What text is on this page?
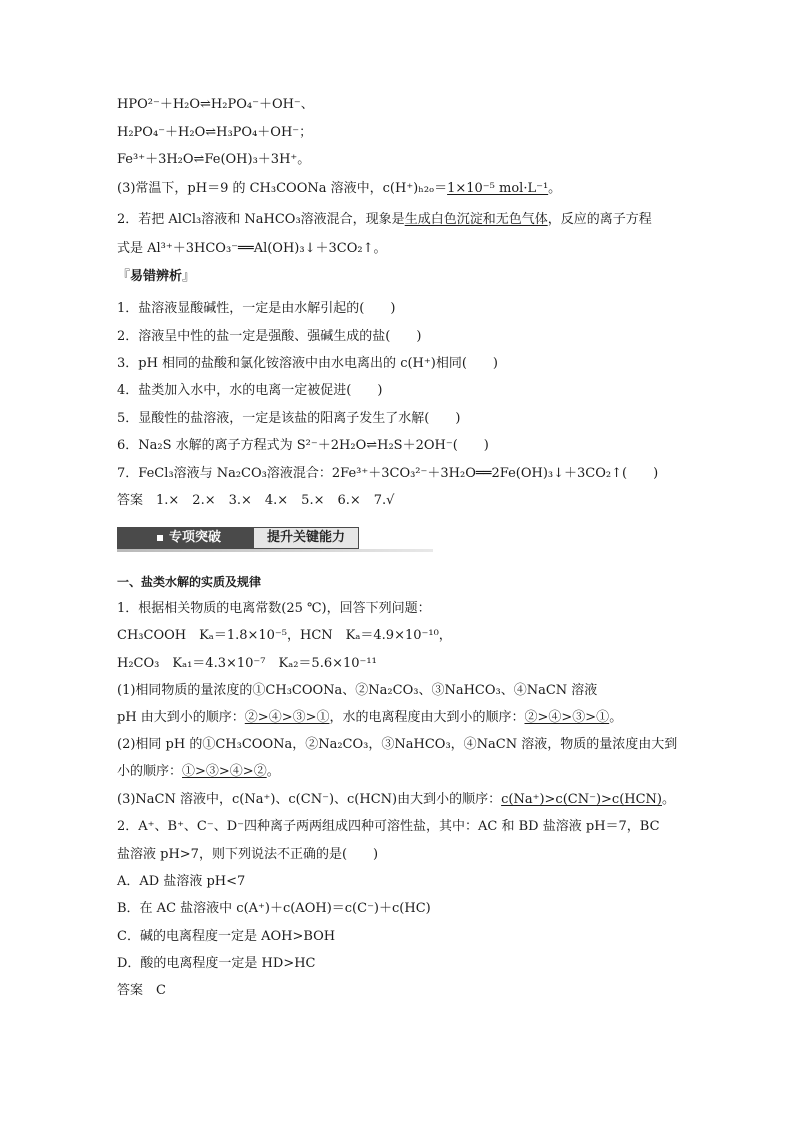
HPO²⁻＋H₂O⇌H₂PO₄⁻＋OH⁻、
H₂PO₄⁻＋H₂O⇌H₃PO₄＋OH⁻；
Fe³⁺＋3H₂O⇌Fe(OH)₃＋3H⁺。
(3)常温下，pH＝9 的 CH₃COONa 溶液中，c(H⁺)ₕ₂ₒ＝1×10⁻⁵ mol·L⁻¹。
2．若把 AlCl₃溶液和 NaHCO₃溶液混合，现象是生成白色沉淀和无色气体，反应的离子方程
式是 Al³⁺＋3HCO₃⁻══Al(OH)₃↓＋3CO₂↑。
『易错辨析』
1．盐溶液显酸碱性，一定是由水解引起的(　　)
2．溶液呈中性的盐一定是强酸、强碱生成的盐(　　)
3．pH 相同的盐酸和氯化铵溶液中由水电离出的 c(H⁺)相同(　　)
4．盐类加入水中，水的电离一定被促进(　　)
5．显酸性的盐溶液，一定是该盐的阳离子发生了水解(　　)
6．Na₂S 水解的离子方程式为 S²⁻＋2H₂O⇌H₂S＋2OH⁻(　　)
7．FeCl₃溶液与 Na₂CO₃溶液混合：2Fe³⁺＋3CO₃²⁻＋3H₂O══2Fe(OH)₃↓＋3CO₂↑(　　)
答案　1.×　2.×　3.×　4.×　5.×　6.×　7.√
专项突破	提升关键能力
一、盐类水解的实质及规律
1．根据相关物质的电离常数(25 ℃)，回答下列问题：
CH₃COOH　Kₐ＝1.8×10⁻⁵，HCN　Kₐ＝4.9×10⁻¹⁰，
H₂CO₃　Kₐ₁＝4.3×10⁻⁷　Kₐ₂＝5.6×10⁻¹¹
(1)相同物质的量浓度的①CH₃COONa、②Na₂CO₃、③NaHCO₃、④NaCN 溶液
pH 由大到小的顺序：②>④>③>①，水的电离程度由大到小的顺序：②>④>③>①。
(2)相同 pH 的①CH₃COONa，②Na₂CO₃，③NaHCO₃，④NaCN 溶液，物质的量浓度由大到
小的顺序：①>③>④>②。
(3)NaCN 溶液中，c(Na⁺)、c(CN⁻)、c(HCN)由大到小的顺序：c(Na⁺)>c(CN⁻)>c(HCN)。
2．A⁺、B⁺、C⁻、D⁻四种离子两两组成四种可溶性盐，其中：AC 和 BD 盐溶液 pH＝7，BC
盐溶液 pH>7，则下列说法不正确的是(　　)
A．AD 盐溶液 pH<7
B．在 AC 盐溶液中 c(A⁺)＋c(AOH)＝c(C⁻)＋c(HC)
C．碱的电离程度一定是 AOH>BOH
D．酸的电离程度一定是 HD>HC
答案　C
